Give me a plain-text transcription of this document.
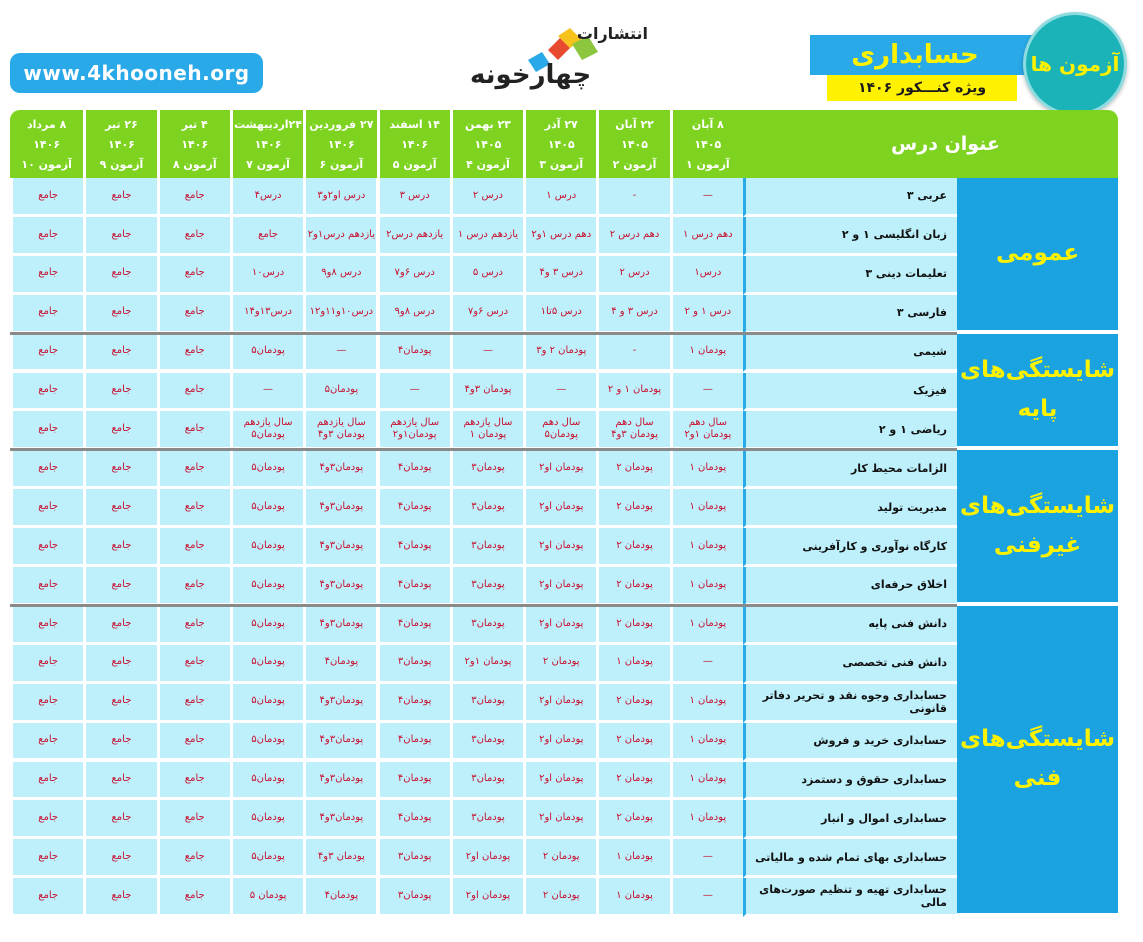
www.4khooneh.org
انتشارات
چهارخونه
حسابداری
ویژه کنـــکور ۱۴۰۶
آزمون ها
عنوان درس
۸ آبان
۱۴۰۵
آزمون ۱
۲۲ آبان
۱۴۰۵
آزمون ۲
۲۷ آذر
۱۴۰۵
آزمون ۳
۲۳ بهمن
۱۴۰۵
آزمون ۴
۱۴ اسفند
۱۴۰۶
آزمون ۵
۲۷ فروردین
۱۴۰۶
آزمون ۶
۲۴اردیبهشت
۱۴۰۶
آزمون ۷
۴ تیر
۱۴۰۶
آزمون ۸
۲۶ تیر
۱۴۰۶
آزمون ۹
۸ مرداد
۱۴۰۶
آزمون ۱۰
عربی ۳
—
-
درس ۱
درس ۲
درس ۳
درس او۲و۳
درس۴
جامع
جامع
جامع
زبان انگلیسی ۱ و ۲
دهم درس ۱
دهم درس ۲
دهم درس ۱و۲
یازدهم درس ۱
یازدهم درس۲
یازدهم درس۱و۲
جامع
جامع
جامع
جامع
تعلیمات دینی ۳
درس۱
درس ۲
درس ۳ و۴
درس ۵
درس ۶و۷
درس ۸و۹
درس۱۰
جامع
جامع
جامع
فارسی ۳
درس ۱ و ۲
درس ۳ و ۴
درس ۵تا۱
درس ۶و۷
درس ۸و۹
درس۱۰و۱۱و۱۲
درس۱۳و۱۴
جامع
جامع
جامع
شیمی
پودمان ۱
-
پودمان ۲ و۳
—
پودمان۴
—
پودمان۵
جامع
جامع
جامع
فیزیک
—
پودمان ۱ و ۲
—
پودمان ۳و۴
—
پودمان۵
—
جامع
جامع
جامع
ریاضی ۱ و ۲
سال دهم
پودمان ۱و۲
سال دهم
پودمان ۳و۴
سال دهم
پودمان۵
سال یازدهم
پودمان ۱
سال یازدهم
پودمان۱و۲
سال یازدهم
پودمان ۳و۴
سال یازدهم
پودمان۵
جامع
جامع
جامع
الزامات محیط کار
پودمان ۱
پودمان ۲
پودمان او۲
پودمان۳
پودمان۴
پودمان۳و۴
پودمان۵
جامع
جامع
جامع
مدیریت تولید
پودمان ۱
پودمان ۲
پودمان او۲
پودمان۳
پودمان۴
پودمان۳و۴
پودمان۵
جامع
جامع
جامع
کارگاه نوآوری و کارآفرینی
پودمان ۱
پودمان ۲
پودمان او۲
پودمان۳
پودمان۴
پودمان۳و۴
پودمان۵
جامع
جامع
جامع
اخلاق حرفه‌ای
پودمان ۱
پودمان ۲
پودمان او۲
پودمان۳
پودمان۴
پودمان۳و۴
پودمان۵
جامع
جامع
جامع
دانش فنی پایه
پودمان ۱
پودمان ۲
پودمان او۲
پودمان۳
پودمان۴
پودمان۳و۴
پودمان۵
جامع
جامع
جامع
دانش فنی تخصصی
—
پودمان ۱
پودمان ۲
پودمان ۱و۲
پودمان۳
پودمان۴
پودمان۵
جامع
جامع
جامع
حسابداری وجوه نقد و تحریر دفاتر قانونی
پودمان ۱
پودمان ۲
پودمان او۲
پودمان۳
پودمان۴
پودمان۳و۴
پودمان۵
جامع
جامع
جامع
حسابداری خرید و فروش
پودمان ۱
پودمان ۲
پودمان او۲
پودمان۳
پودمان۴
پودمان۳و۴
پودمان۵
جامع
جامع
جامع
حسابداری حقوق و دستمزد
پودمان ۱
پودمان ۲
پودمان او۲
پودمان۳
پودمان۴
پودمان۳و۴
پودمان۵
جامع
جامع
جامع
حسابداری اموال و انبار
پودمان ۱
پودمان ۲
پودمان او۲
پودمان۳
پودمان۴
پودمان۳و۴
پودمان۵
جامع
جامع
جامع
حسابداری بهای تمام شده و مالیاتی
—
پودمان ۱
پودمان ۲
پودمان او۲
پودمان۳
پودمان ۳و۴
پودمان۵
جامع
جامع
جامع
حسابداری تهیه و تنظیم صورت‌های مالی
—
پودمان ۱
پودمان ۲
پودمان او۲
پودمان۳
پودمان۴
پودمان ۵
جامع
جامع
جامع
عمومی
شایستگی‌های پایه
شایستگی‌های غیرفنی
شایستگی‌های فنی
